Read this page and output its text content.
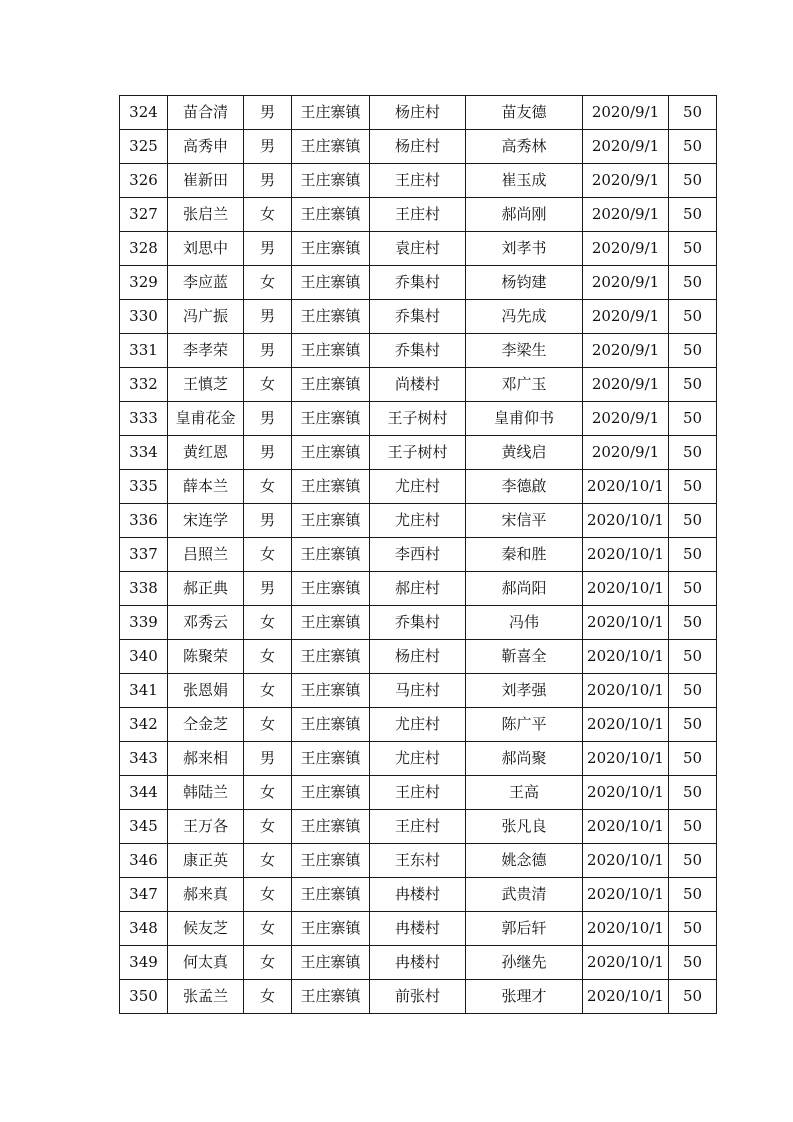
324	苗合清	男	王庄寨镇	杨庄村	苗友德	2020/9/1	50
325	高秀申	男	王庄寨镇	杨庄村	高秀林	2020/9/1	50
326	崔新田	男	王庄寨镇	王庄村	崔玉成	2020/9/1	50
327	张启兰	女	王庄寨镇	王庄村	郝尚刚	2020/9/1	50
328	刘思中	男	王庄寨镇	袁庄村	刘孝书	2020/9/1	50
329	李应蓝	女	王庄寨镇	乔集村	杨钧建	2020/9/1	50
330	冯广振	男	王庄寨镇	乔集村	冯先成	2020/9/1	50
331	李孝荣	男	王庄寨镇	乔集村	李梁生	2020/9/1	50
332	王慎芝	女	王庄寨镇	尚楼村	邓广玉	2020/9/1	50
333	皇甫花金	男	王庄寨镇	王子树村	皇甫仰书	2020/9/1	50
334	黄红恩	男	王庄寨镇	王子树村	黄线启	2020/9/1	50
335	薛本兰	女	王庄寨镇	尤庄村	李德啟	2020/10/1	50
336	宋连学	男	王庄寨镇	尤庄村	宋信平	2020/10/1	50
337	吕照兰	女	王庄寨镇	李西村	秦和胜	2020/10/1	50
338	郝正典	男	王庄寨镇	郝庄村	郝尚阳	2020/10/1	50
339	邓秀云	女	王庄寨镇	乔集村	冯伟	2020/10/1	50
340	陈聚荣	女	王庄寨镇	杨庄村	靳喜全	2020/10/1	50
341	张恩娟	女	王庄寨镇	马庄村	刘孝强	2020/10/1	50
342	仝金芝	女	王庄寨镇	尤庄村	陈广平	2020/10/1	50
343	郝来相	男	王庄寨镇	尤庄村	郝尚聚	2020/10/1	50
344	韩陆兰	女	王庄寨镇	王庄村	王高	2020/10/1	50
345	王万各	女	王庄寨镇	王庄村	张凡良	2020/10/1	50
346	康正英	女	王庄寨镇	王东村	姚念德	2020/10/1	50
347	郝来真	女	王庄寨镇	冉楼村	武贵清	2020/10/1	50
348	候友芝	女	王庄寨镇	冉楼村	郭后轩	2020/10/1	50
349	何太真	女	王庄寨镇	冉楼村	孙继先	2020/10/1	50
350	张孟兰	女	王庄寨镇	前张村	张理才	2020/10/1	50
